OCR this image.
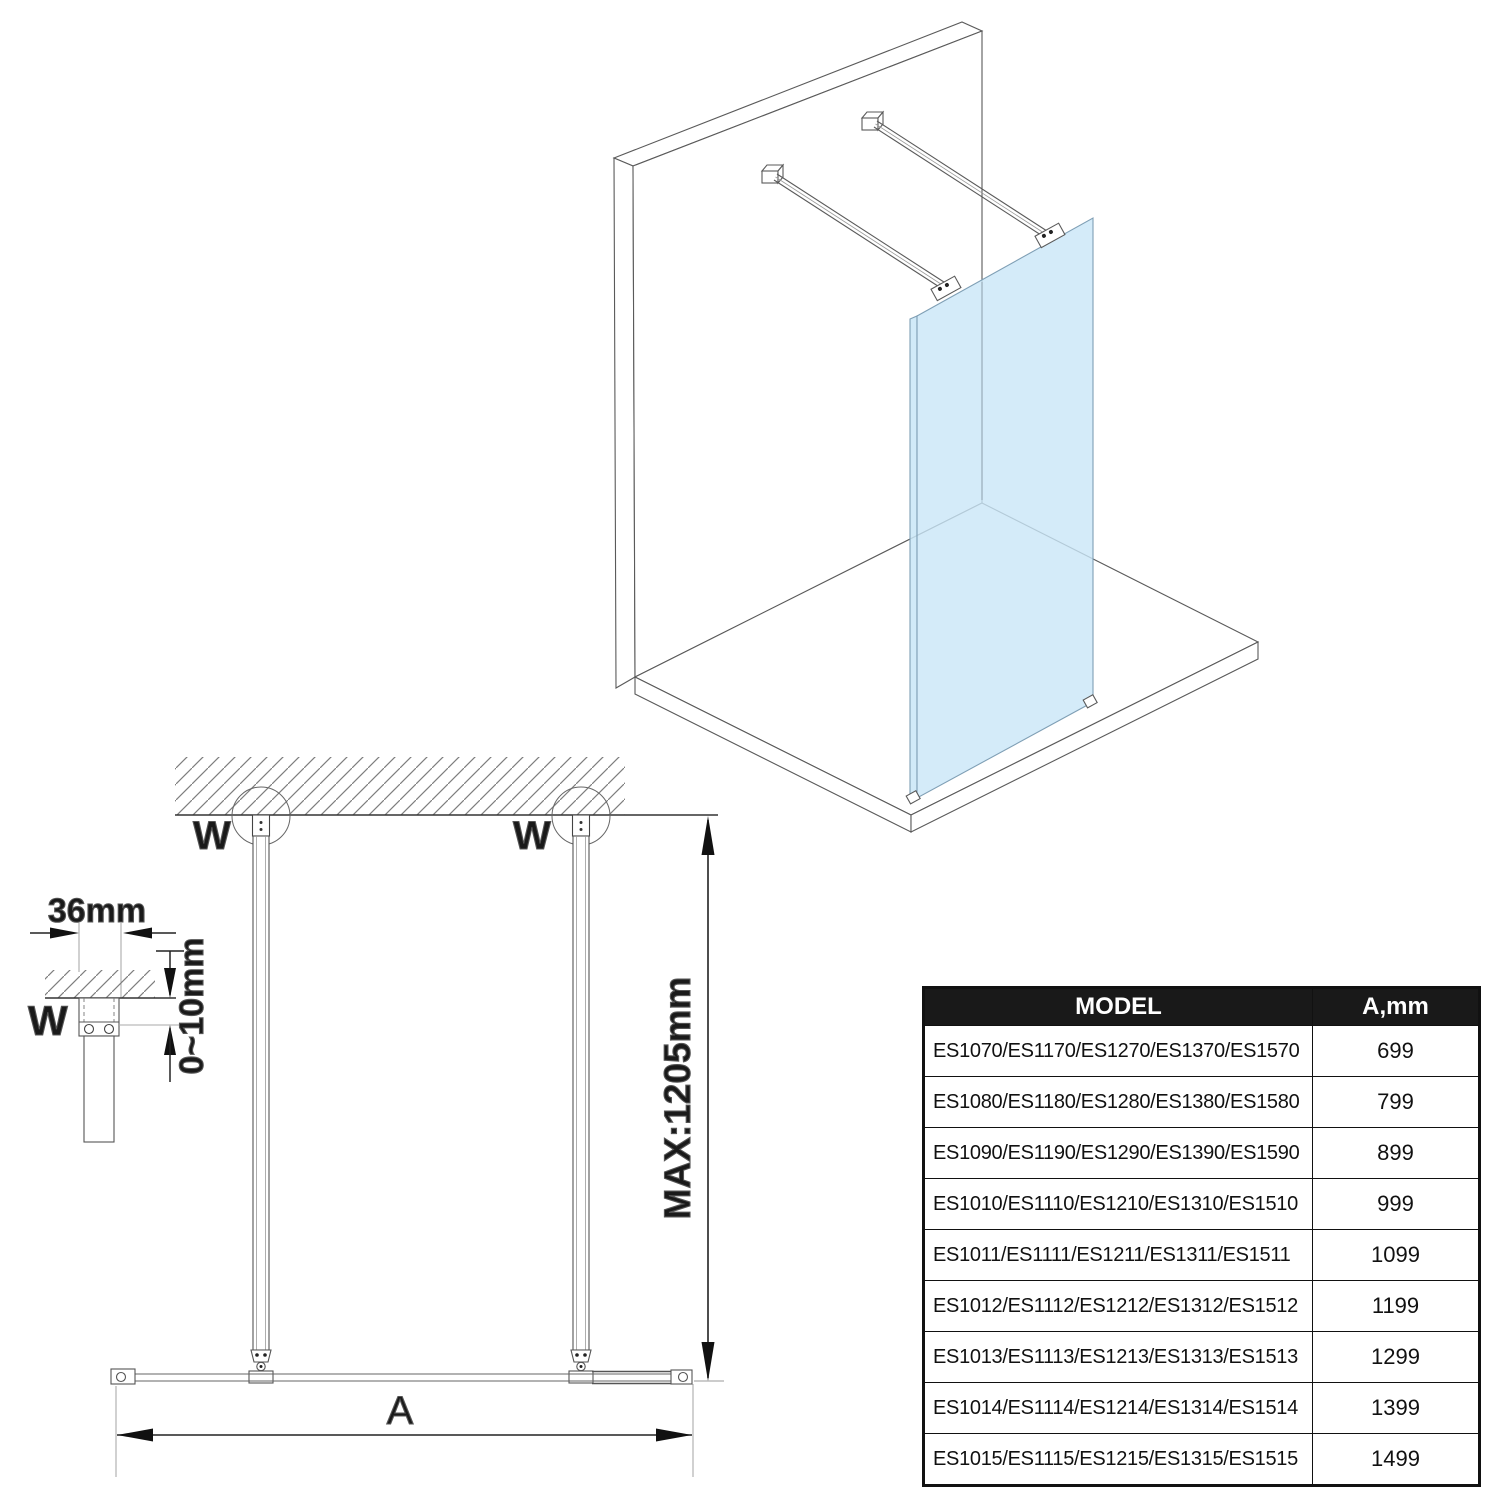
W	W
A
MAX:1205mm
36mm
W	0~10mm	MODEL	A,mm
ES1070/ES1170/ES1270/ES1370/ES1570	699
ES1080/ES1180/ES1280/ES1380/ES1580	799
ES1090/ES1190/ES1290/ES1390/ES1590	899
ES1010/ES1110/ES1210/ES1310/ES1510	999
ES1011/ES1111/ES1211/ES1311/ES1511	1099
ES1012/ES1112/ES1212/ES1312/ES1512	1199
ES1013/ES1113/ES1213/ES1313/ES1513	1299
ES1014/ES1114/ES1214/ES1314/ES1514	1399
ES1015/ES1115/ES1215/ES1315/ES1515	1499
